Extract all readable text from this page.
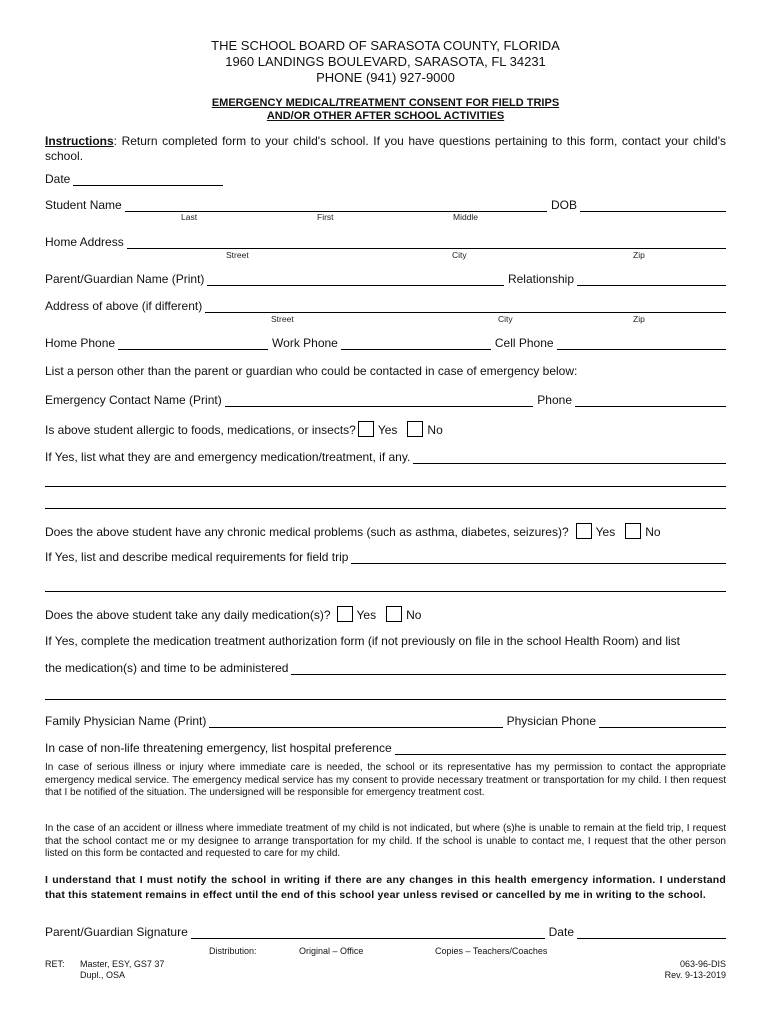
THE SCHOOL BOARD OF SARASOTA COUNTY, FLORIDA
1960 LANDINGS BOULEVARD, SARASOTA, FL 34231
PHONE (941) 927-9000
EMERGENCY MEDICAL/TREATMENT CONSENT FOR FIELD TRIPS
AND/OR OTHER AFTER SCHOOL ACTIVITIES
Instructions: Return completed form to your child's school. If you have questions pertaining to this form, contact your child's school.
Date
Student Name	DOB
Last	First	Middle
Home Address
Street	City	Zip
Parent/Guardian Name (Print)	Relationship
Address of above (if different)
Street	City	Zip
Home Phone	Work Phone	Cell Phone
List a person other than the parent or guardian who could be contacted in case of emergency below:
Emergency Contact Name (Print)	Phone
Is above student allergic to foods, medications, or insects? Yes	No
If Yes, list what they are and emergency medication/treatment, if any.
Does the above student have any chronic medical problems (such as asthma, diabetes, seizures)? Yes	No
If Yes, list and describe medical requirements for field trip
Does the above student take any daily medication(s)? Yes	No
If Yes, complete the medication treatment authorization form (if not previously on file in the school Health Room) and list
the medication(s) and time to be administered
Family Physician Name (Print)	Physician Phone
In case of non-life threatening emergency, list hospital preference
In case of serious illness or injury where immediate care is needed, the school or its representative has my permission to contact the appropriate emergency medical service. The emergency medical service has my consent to provide necessary treatment or transportation for my child. I then request that I be notified of the situation. The undersigned will be responsible for emergency treatment cost.
In the case of an accident or illness where immediate treatment of my child is not indicated, but where (s)he is unable to remain at the field trip, I request that the school contact me or my designee to arrange transportation for my child. If the school is unable to contact me, I request that the other person listed on this form be contacted and requested to care for my child.
I understand that I must notify the school in writing if there are any changes in this health emergency information. I understand that this statement remains in effect until the end of this school year unless revised or cancelled by me in writing to the school.
Parent/Guardian Signature	Date
Distribution:	Original – Office	Copies – Teachers/Coaches
RET: Master, ESY, GS7 37
Dupl., OSA
063-96-DIS
Rev. 9-13-2019
